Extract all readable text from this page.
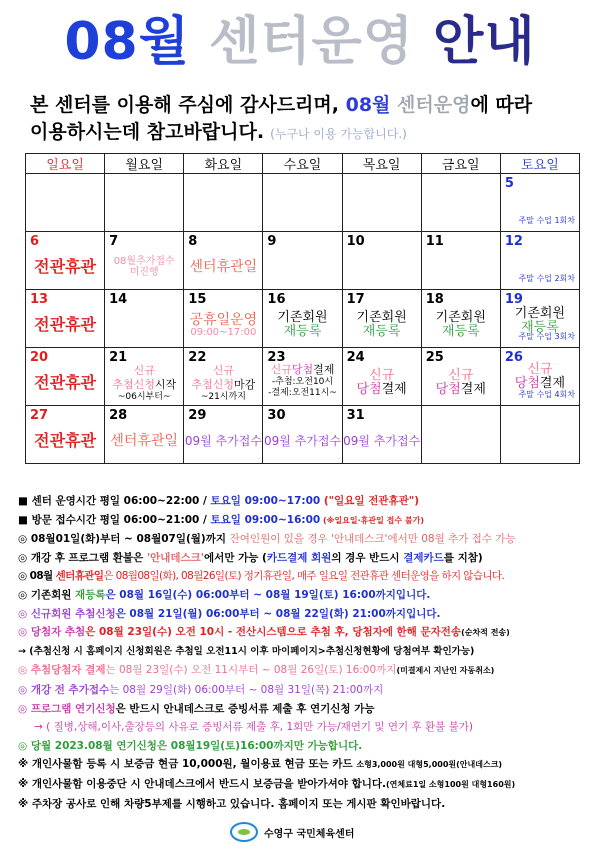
08월 센터운영 안내
본 센터를 이용해 주심에 감사드리며, 08월 센터운영에 따라
이용하시는데 참고바랍니다. (누구나 이용 가능합니다.)
일요일	월요일	화요일	수요일	목요일	금요일	토요일

						5
주말 수업 1회차

6
전관휴관	7
08월추가접수
미진행	8
센터휴관일	9	10	11	12
주말 수업 2회차

13
전관휴관	14	15
공휴일운영
09:00~17:00	16
기존회원
재등록	17
기존회원
재등록	18
기존회원
재등록	19
기존회원
재등록
주말 수업 3회차

20
전관휴관	21
신규
추첨신청시작
~06시부터~	22
신규
추첨신청마감
~21시까지	23
신규당첨결제
-추첨:오전10시
-결제:오전11시~	24
신규
당첨결제	25
신규
당첨결제	26
신규
당첨결제
주말 수업 4회차

27
전관휴관	28
센터휴관일	29
09월 추가접수	30
09월 추가접수	31
09월 추가접수		

■ 센터 운영시간 평일 06:00~22:00 / 토요일 09:00~17:00 ("일요일 전관휴관")
■ 방문 접수시간 평일 06:00~21:00 / 토요일 09:00~16:00 (※일요일·휴관일 접수 불가)
◎ 08월01일(화)부터 ~ 08월07일(월)까지 잔여인원이 있을 경우 '안내데스크'에서만 08월 추가 접수 가능
◎ 개강 후 프로그램 환불은 '안내데스크'에서만 가능 (카드결제 회원의 경우 반드시 결제카드를 지참)
◎ 08월 센터휴관일은 08월08일(화), 08월26일(토) 정기휴관일, 매주 일요일 전관휴관 센터운영을 하지 않습니다.
◎ 기존회원 재등록은 08월 16일(수) 06:00부터 ~ 08월 19일(토) 16:00까지입니다.
◎ 신규회원 추첨신청은 08월 21일(월) 06:00부터 ~ 08월 22일(화) 21:00까지입니다.
◎ 당첨자 추첨은 08월 23일(수) 오전 10시 - 전산시스템으로 추첨 후, 당첨자에 한해 문자전송(순차적 전송)
→ (추첨신청 시 홈페이지 신청회원은 추첨일 오전11시 이후 마이페이지>추첨신청현황에 당첨여부 확인가능)
◎ 추첨당첨자 결제는 08월 23일(수) 오전 11시부터 ~ 08월 26일(토) 16:00까지(미결제시 지난인 자동취소)
◎ 개강 전 추가접수는 08월 29일(화) 06:00부터 ~ 08월 31일(목) 21:00까지
◎ 프로그램 연기신청은 반드시 안내데스크로 증빙서류 제출 후 연기신청 가능
→ ( 질병,상해,이사,출장등의 사유로 증빙서류 제출 후, 1회만 가능/재연기 및 연기 후 환불 불가)
◎ 당월 2023.08월 연기신청은 08월19일(토)16:00까지만 가능합니다.
※ 개인사물함 등록 시 보증금 현금 10,000원, 월이용료 현금 또는 카드 소형3,000원 대형5,000원(안내데스크)
※ 개인사물함 이용중단 시 안내데스크에서 반드시 보증금을 받아가셔야 합니다.(연체료1일 소형100원 대형160원)
※ 주차장 공사로 인해 차량5부제를 시행하고 있습니다. 홈페이지 또는 게시판 확인바랍니다.
수영구 국민체육센터
